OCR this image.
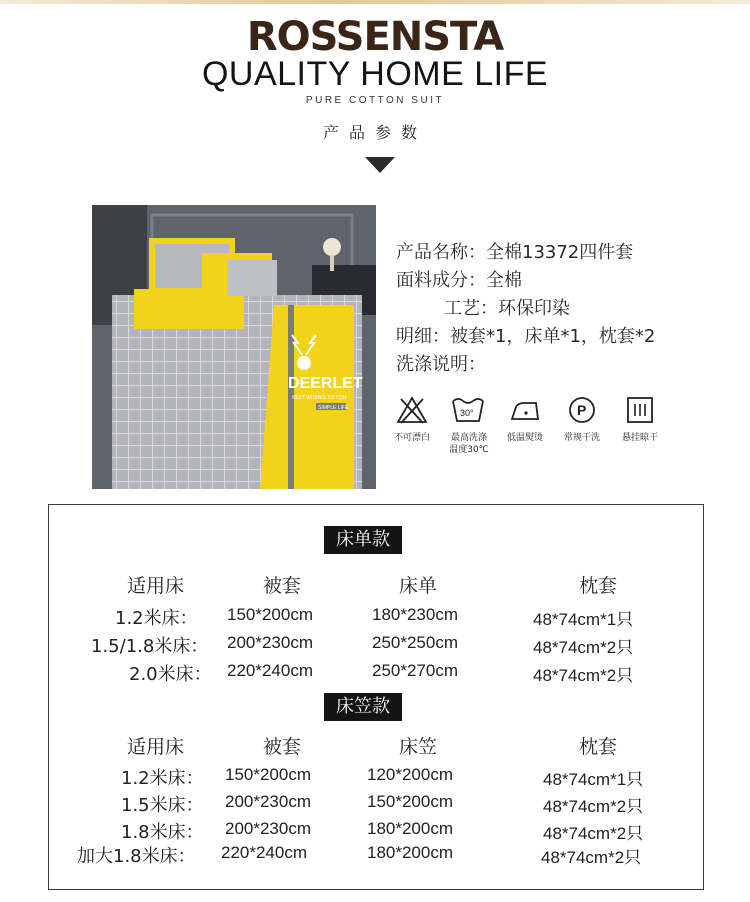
ROSSENSTA
QUALITY HOME LIFE
PURE COTTON SUIT
产品参数
DEERLET
BEST WISHES TO YOU
SIMPLE LIFE
产品名称：全棉13372四件套
面料成分：全棉
工艺：环保印染
明细：被套*1，床单*1，枕套*2
洗涤说明：
30°	P
不可漂白	最高洗涤
温度30℃
低温熨烫	常规干洗	悬挂晾干
床单款
适用床	被套	床单	枕套
1.2米床： 150*200cm	180*230cm	48*74cm*1只
1.5/1.8米床： 200*230cm	250*250cm	48*74cm*2只
2.0米床： 220*240cm	250*270cm	48*74cm*2只
床笠款
适用床	被套	床笠	枕套
1.2米床： 150*200cm	120*200cm	48*74cm*1只
1.5米床： 200*230cm	150*200cm	48*74cm*2只
1.8米床： 200*230cm	180*200cm	48*74cm*2只
加大1.8米床： 220*240cm	180*200cm	48*74cm*2只
